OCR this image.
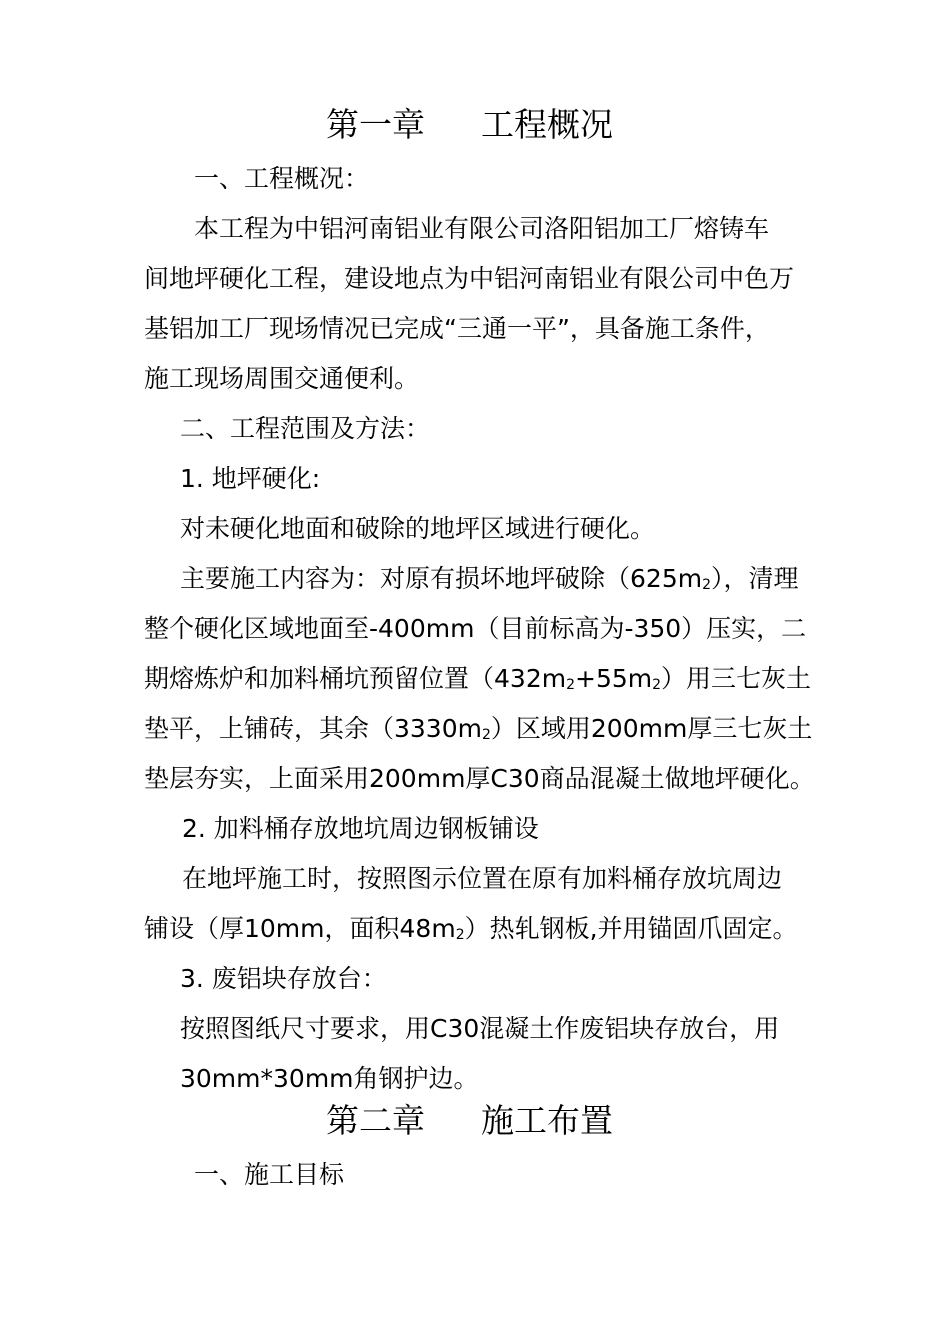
第一章 工程概况
一、工程概况：
本工程为中铝河南铝业有限公司洛阳铝加工厂熔铸车
间地坪硬化工程，建设地点为中铝河南铝业有限公司中色万
基铝加工厂现场情况已完成“三通一平”，具备施工条件，
施工现场周围交通便利。
二、工程范围及方法：
1. 地坪硬化:
对未硬化地面和破除的地坪区域进行硬化。
主要施工内容为：对原有损坏地坪破除$(625m_2)$，清理
整个硬化区域地面至-400mm（目前标高为-350）压实，二
期熔炼炉和加料桶坑预留位置$(432m_2+55m_2)$用三七灰土
垫平，上铺砖，其余$(3330m_2)$区域用200mm厚三七灰土
垫层夯实，上面采用200mm厚C30商品混凝土做地坪硬化。
2. 加料桶存放地坑周边钢板铺设
在地坪施工时，按照图示位置在原有加料桶存放坑周边
铺设（厚10mm，面积$48m_2$）热轧钢板,并用锚固爪固定。
3. 废铝块存放台：
按照图纸尺寸要求，用C30混凝土作废铝块存放台，用
30mm*30mm角钢护边。
第二章 施工布置
一、施工目标
